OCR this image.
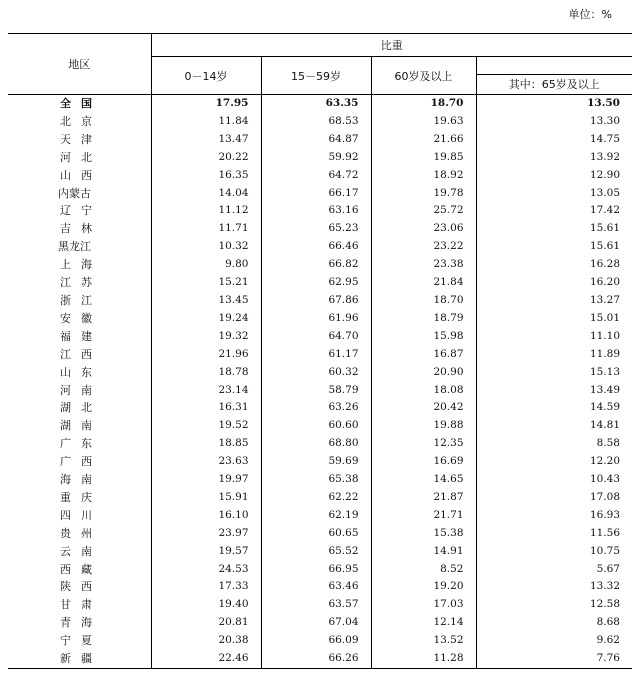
单位：%
地区	比重			
	0－14岁	15－59岁	60岁及以上	
				其中：65岁及以上
全国	17.95	63.35	18.70	13.50
北京	11.84	68.53	19.63	13.30
天津	13.47	64.87	21.66	14.75
河北	20.22	59.92	19.85	13.92
山西	16.35	64.72	18.92	12.90
内蒙古	14.04	66.17	19.78	13.05
辽宁	11.12	63.16	25.72	17.42
吉林	11.71	65.23	23.06	15.61
黑龙江	10.32	66.46	23.22	15.61
上海	9.80	66.82	23.38	16.28
江苏	15.21	62.95	21.84	16.20
浙江	13.45	67.86	18.70	13.27
安徽	19.24	61.96	18.79	15.01
福建	19.32	64.70	15.98	11.10
江西	21.96	61.17	16.87	11.89
山东	18.78	60.32	20.90	15.13
河南	23.14	58.79	18.08	13.49
湖北	16.31	63.26	20.42	14.59
湖南	19.52	60.60	19.88	14.81
广东	18.85	68.80	12.35	8.58
广西	23.63	59.69	16.69	12.20
海南	19.97	65.38	14.65	10.43
重庆	15.91	62.22	21.87	17.08
四川	16.10	62.19	21.71	16.93
贵州	23.97	60.65	15.38	11.56
云南	19.57	65.52	14.91	10.75
西藏	24.53	66.95	8.52	5.67
陕西	17.33	63.46	19.20	13.32
甘肃	19.40	63.57	17.03	12.58
青海	20.81	67.04	12.14	8.68
宁夏	20.38	66.09	13.52	9.62
新疆	22.46	66.26	11.28	7.76
